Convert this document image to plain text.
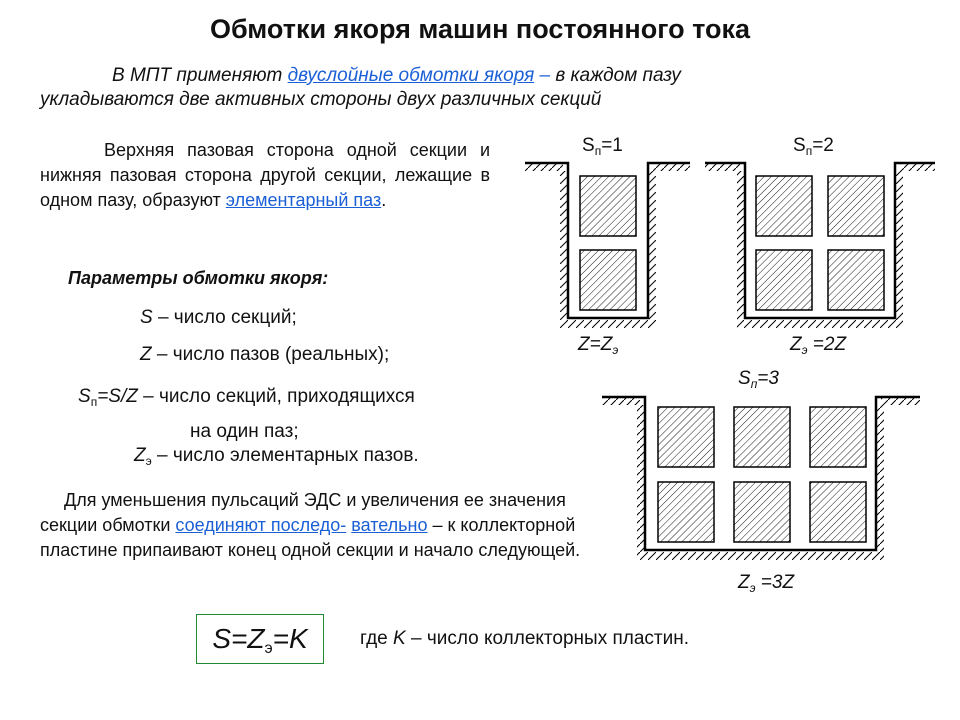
Обмотки якоря машин постоянного тока
В МПТ применяют двуслойные обмотки якоря – в каждом пазу
укладываются две активных стороны двух различных секций
Верхняя пазовая сторона одной секции и нижняя пазовая сторона другой секции, лежащие в одном пазу, образуют элементарный паз.
Параметры обмотки якоря:
S – число секций;
Z – число пазов (реальных);
$S_п=S/Z$ – число секций, приходящихся
на один паз;
$Z_э$ – число элементарных пазов.
Для уменьшения пульсаций ЭДС и увеличения ее значения секции обмотки соединяют последо- вательно – к коллекторной пластине припаивают конец одной секции и начало следующей.
S=Zэ=K	где K – число коллекторных пластин.
$S_п=1$	$S_п=2$
$Z=Z_э$	$Z_э =2Z$
$S_п=3$
$Z_э =3Z$
